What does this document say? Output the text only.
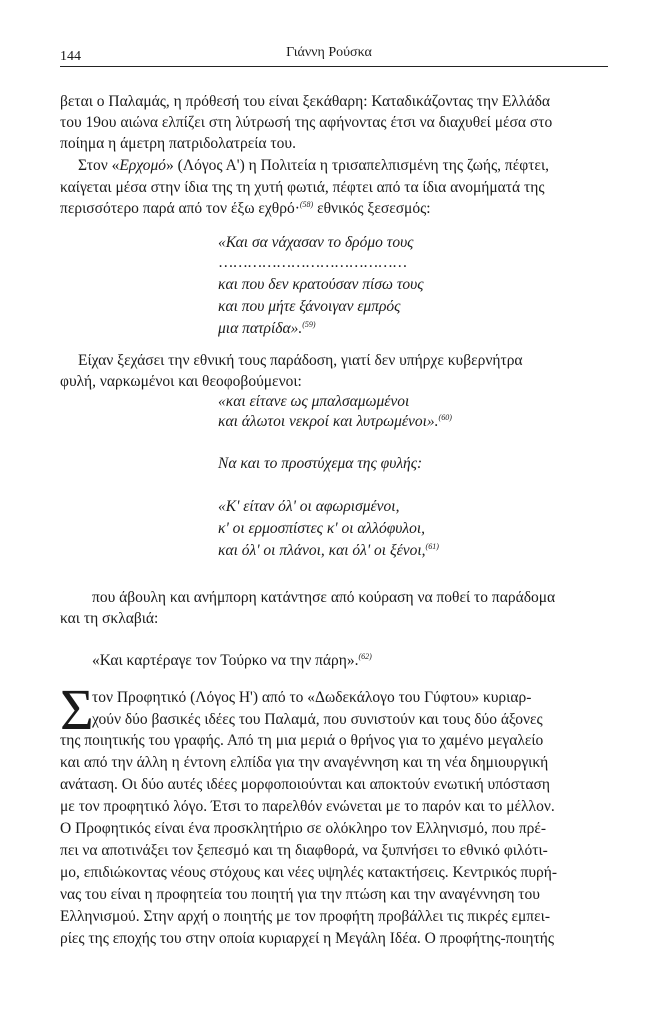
144	Γιάννη Ρούσκα
βεται ο Παλαμάς, η πρόθεσή του είναι ξεκάθαρη: Καταδικάζοντας την Ελλάδα
του 19ου αιώνα ελπίζει στη λύτρωσή της αφήνοντας έτσι να διαχυθεί μέσα στο
ποίημα η άμετρη πατριδολατρεία του.
Στον «Ερχομό» (Λόγος Α') η Πολιτεία η τρισαπελπισμένη της ζωής, πέφτει,
καίγεται μέσα στην ίδια της τη χυτή φωτιά, πέφτει από τα ίδια ανομήματά της
περισσότερο παρά από τον έξω εχθρό·$^{(58)}$ εθνικός ξεσεσμός:
«Και σα νάχασαν το δρόμο τους
…………………………………
και που δεν κρατούσαν πίσω τους
και που μήτε ξάνοιγαν εμπρός
μια πατρίδα».$^{(59)}$
Είχαν ξεχάσει την εθνική τους παράδοση, γιατί δεν υπήρχε κυβερνήτρα
φυλή, ναρκωμένοι και θεοφοβούμενοι:
«και είτανε ως μπαλσαμωμένοι
και άλωτοι νεκροί και λυτρωμένοι».$^{(60)}$
Να και το προστύχεμα της φυλής:
«Κ' είταν όλ' οι αφωρισμένοι,
κ' οι ερμοσπίστες κ' οι αλλόφυλοι,
και όλ' οι πλάνοι, και όλ' οι ξένοι,$^{(61)}$
που άβουλη και ανήμπορη κατάντησε από κούραση να ποθεί το παράδομα
και τη σκλαβιά:
«Και καρτέραγε τον Τούρκο να την πάρη».$^{(62)}$
Σ
τον Προφητικό (Λόγος Η') από το «Δωδεκάλογο του Γύφτου» κυριαρ-
χούν δύο βασικές ιδέες του Παλαμά, που συνιστούν και τους δύο άξονες
της ποιητικής του γραφής. Από τη μια μεριά ο θρήνος για το χαμένο μεγαλείο
και από την άλλη η έντονη ελπίδα για την αναγέννηση και τη νέα δημιουργική
ανάταση. Οι δύο αυτές ιδέες μορφοποιούνται και αποκτούν ενωτική υπόσταση
με τον προφητικό λόγο. Έτσι το παρελθόν ενώνεται με το παρόν και το μέλλον.
Ο Προφητικός είναι ένα προσκλητήριο σε ολόκληρο τον Ελληνισμό, που πρέ-
πει να αποτινάξει τον ξεπεσμό και τη διαφθορά, να ξυπνήσει το εθνικό φιλότι-
μο, επιδιώκοντας νέους στόχους και νέες υψηλές κατακτήσεις. Κεντρικός πυρή-
νας του είναι η προφητεία του ποιητή για την πτώση και την αναγέννηση του
Ελληνισμού. Στην αρχή ο ποιητής με τον προφήτη προβάλλει τις πικρές εμπει-
ρίες της εποχής του στην οποία κυριαρχεί η Μεγάλη Ιδέα. Ο προφήτης-ποιητής
